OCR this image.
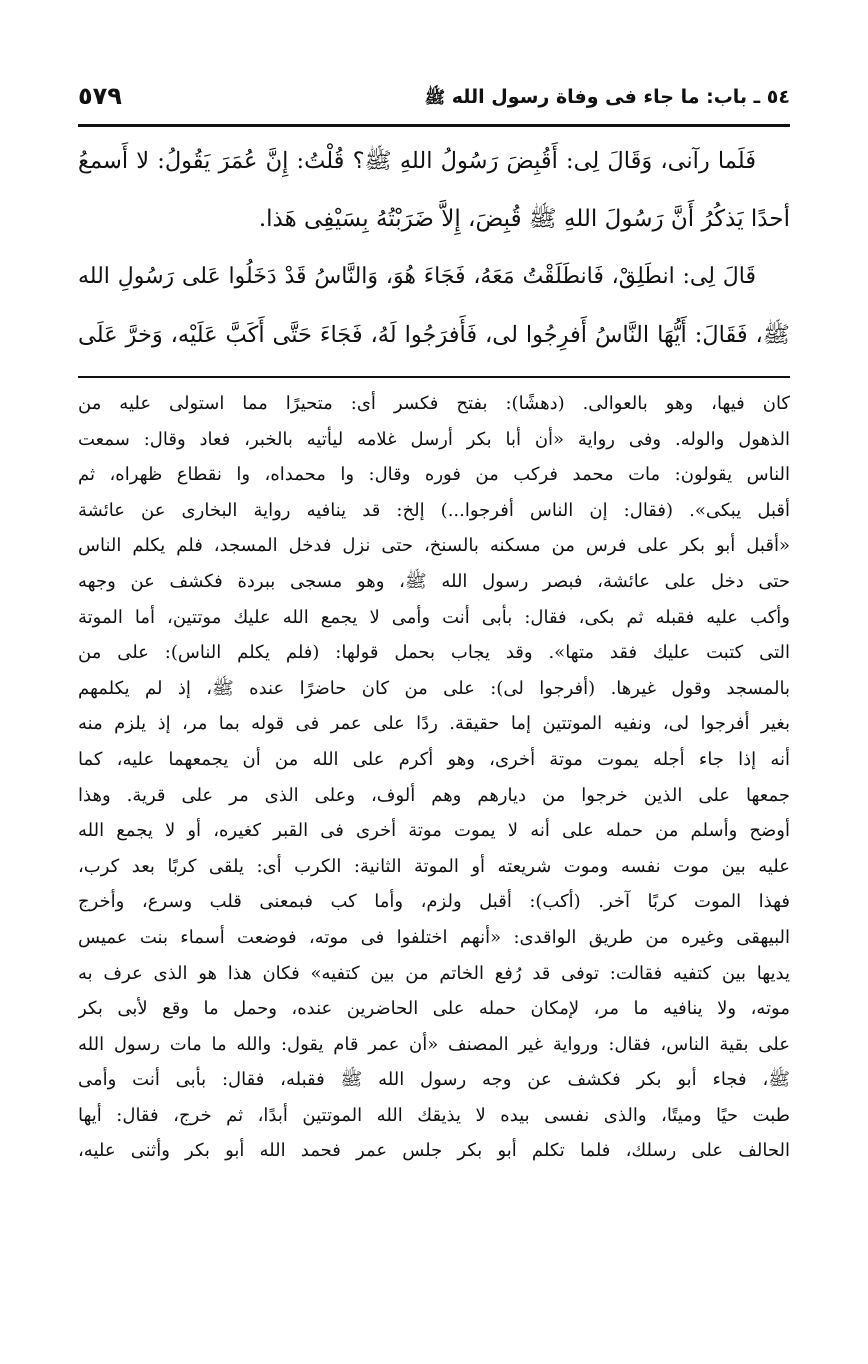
٥٤ ـ باب: ما جاء فى وفاة رسول الله ﷺ
٥٧٩
فَلَما رآنى، وَقَالَ لِى: أَقُبِضَ رَسُولُ اللهِ ﷺ؟ قُلْتُ: إِنَّ عُمَرَ يَقُولُ: لا أَسمعُ
أحدًا يَذكُرُ أَنَّ رَسُولَ اللهِ ﷺ قُبِضَ، إِلاَّ ضَرَبْتُهُ بِسَيْفِى هَذا.
قَالَ لِى: انطَلِقْ، فَانطَلَقْتُ مَعَهُ، فَجَاءَ هُوَ، وَالنَّاسُ قَدْ دَخَلُوا عَلى رَسُولِ الله
ﷺ، فَقَالَ: أَيُّهَا النَّاسُ أَفرِجُوا لى، فَأَفرَجُوا لَهُ، فَجَاءَ حَتَّى أَكَبَّ عَلَيْه، وَخرَّ عَلَى
كان فيها، وهو بالعوالى. (دهشًا): بفتح فكسر أى: متحيرًا مما استولى عليه من
الذهول والوله. وفى رواية «أن أبا بكر أرسل غلامه ليأتيه بالخبر، فعاد وقال: سمعت
الناس يقولون: مات محمد فركب من فوره وقال: وا محمداه، وا نقطاع ظهراه، ثم
أقبل يبكى». (فقال: إن الناس أفرجوا...) إلخ: قد ينافيه رواية البخارى عن عائشة
«أقبل أبو بكر على فرس من مسكنه بالسنخ، حتى نزل فدخل المسجد، فلم يكلم الناس
حتى دخل على عائشة، فبصر رسول الله ﷺ، وهو مسجى ببردة فكشف عن وجهه
وأكب عليه فقبله ثم بكى، فقال: بأبى أنت وأمى لا يجمع الله عليك موتتين، أما الموتة
التى كتبت عليك فقد متها». وقد يجاب بحمل قولها: (فلم يكلم الناس): على من
بالمسجد وقول غيرها. (أفرجوا لى): على من كان حاضرًا عنده ﷺ، إذ لم يكلمهم
بغير أفرجوا لى، ونفيه الموتتين إما حقيقة. ردًا على عمر فى قوله بما مر، إذ يلزم منه
أنه إذا جاء أجله يموت موتة أخرى، وهو أكرم على الله من أن يجمعهما عليه، كما
جمعها على الذين خرجوا من ديارهم وهم ألوف، وعلى الذى مر على قرية. وهذا
أوضح وأسلم من حمله على أنه لا يموت موتة أخرى فى القبر كغيره، أو لا يجمع الله
عليه بين موت نفسه وموت شريعته أو الموتة الثانية: الكرب أى: يلقى كربًا بعد كرب،
فهذا الموت كربًا آخر. (أكب): أقبل ولزم، وأما كب فبمعنى قلب وسرع، وأخرج
البيهقى وغيره من طريق الواقدى: «أنهم اختلفوا فى موته، فوضعت أسماء بنت عميس
يديها بين كتفيه فقالت: توفى قد رُفع الخاتم من بين كتفيه» فكان هذا هو الذى عرف به
موته، ولا ينافيه ما مر، لإمكان حمله على الحاضرين عنده، وحمل ما وقع لأبى بكر
على بقية الناس، فقال: ورواية غير المصنف «أن عمر قام يقول: والله ما مات رسول الله
ﷺ، فجاء أبو بكر فكشف عن وجه رسول الله ﷺ فقبله، فقال: بأبى أنت وأمى
طبت حيًا وميتًا، والذى نفسى بيده لا يذيقك الله الموتتين أبدًا، ثم خرج، فقال: أيها
الحالف على رسلك، فلما تكلم أبو بكر جلس عمر فحمد الله أبو بكر وأثنى عليه،
